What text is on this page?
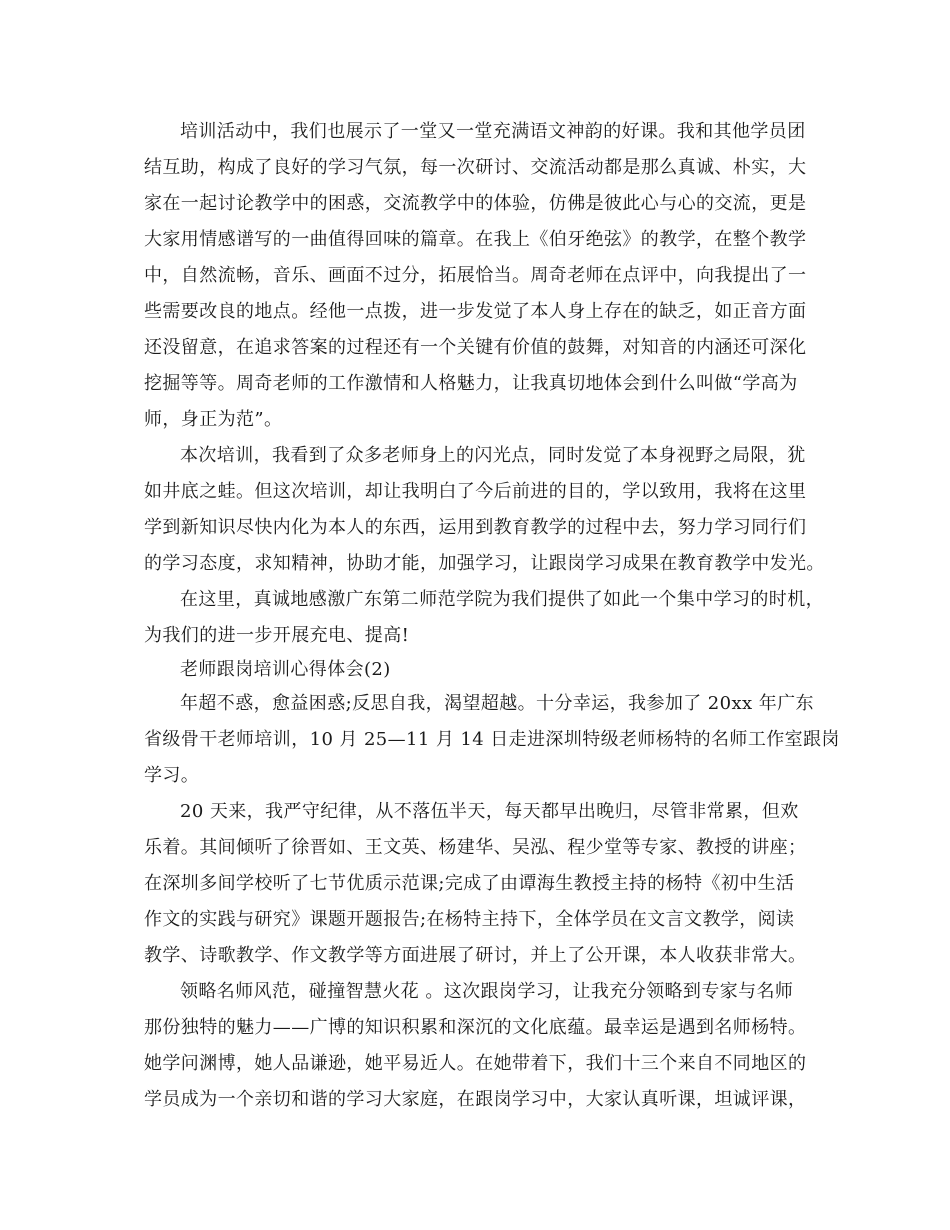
培训活动中，我们也展示了一堂又一堂充满语文神韵的好课。我和其他学员团
结互助，构成了良好的学习气氛，每一次研讨、交流活动都是那么真诚、朴实，大
家在一起讨论教学中的困惑，交流教学中的体验，仿佛是彼此心与心的交流，更是
大家用情感谱写的一曲值得回味的篇章。在我上《伯牙绝弦》的教学，在整个教学
中，自然流畅，音乐、画面不过分，拓展恰当。周奇老师在点评中，向我提出了一
些需要改良的地点。经他一点拨，进一步发觉了本人身上存在的缺乏，如正音方面
还没留意，在追求答案的过程还有一个关键有价值的鼓舞，对知音的内涵还可深化
挖掘等等。周奇老师的工作激情和人格魅力，让我真切地体会到什么叫做“学高为
师，身正为范”。
本次培训，我看到了众多老师身上的闪光点，同时发觉了本身视野之局限，犹
如井底之蛙。但这次培训，却让我明白了今后前进的目的，学以致用，我将在这里
学到新知识尽快内化为本人的东西，运用到教育教学的过程中去，努力学习同行们
的学习态度，求知精神，协助才能，加强学习，让跟岗学习成果在教育教学中发光。
在这里，真诚地感激广东第二师范学院为我们提供了如此一个集中学习的时机，
为我们的进一步开展充电、提高!
老师跟岗培训心得体会(2)
年超不惑，愈益困惑;反思自我，渴望超越。十分幸运，我参加了 20xx 年广东
省级骨干老师培训，10 月 25—11 月 14 日走进深圳特级老师杨特的名师工作室跟岗
学习。
20 天来，我严守纪律，从不落伍半天，每天都早出晚归，尽管非常累，但欢
乐着。其间倾听了徐晋如、王文英、杨建华、吴泓、程少堂等专家、教授的讲座；
在深圳多间学校听了七节优质示范课;完成了由谭海生教授主持的杨特《初中生活
作文的实践与研究》课题开题报告;在杨特主持下，全体学员在文言文教学，阅读
教学、诗歌教学、作文教学等方面进展了研讨，并上了公开课，本人收获非常大。
领略名师风范，碰撞智慧火花 。这次跟岗学习，让我充分领略到专家与名师
那份独特的魅力——广博的知识积累和深沉的文化底蕴。最幸运是遇到名师杨特。
她学问渊博，她人品谦逊，她平易近人。在她带着下，我们十三个来自不同地区的
学员成为一个亲切和谐的学习大家庭，在跟岗学习中，大家认真听课，坦诚评课，
